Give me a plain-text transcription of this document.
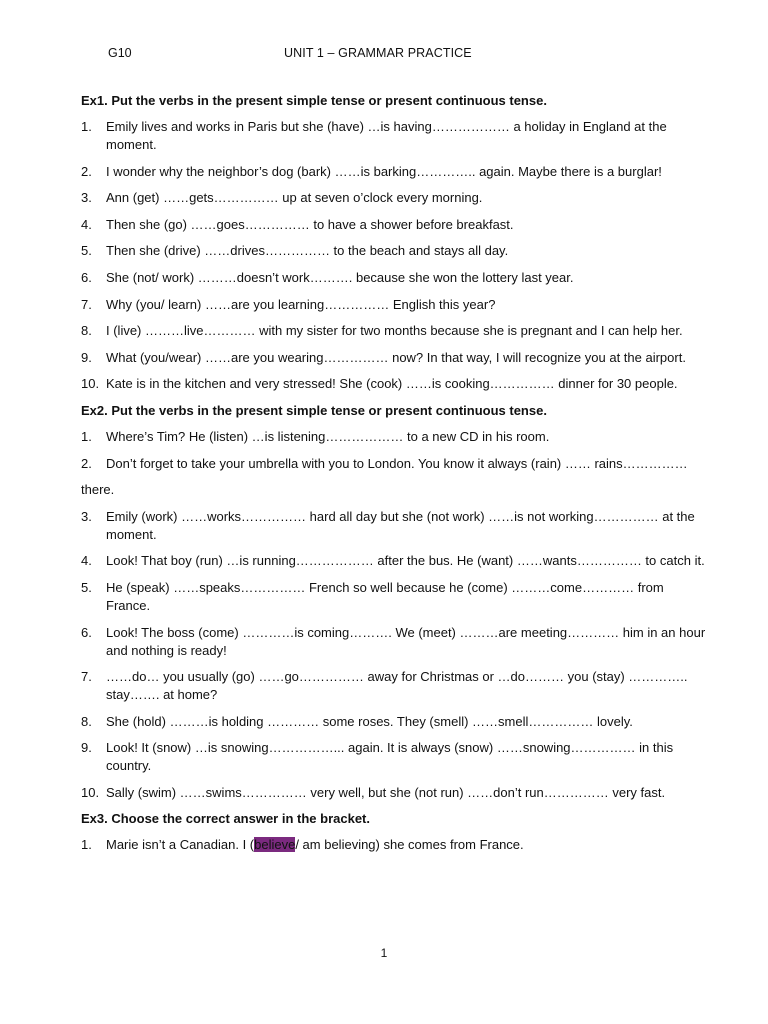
G10	UNIT 1 – GRAMMAR PRACTICE

Ex1. Put the verbs in the present simple tense or present continuous tense.

1. Emily lives and works in Paris but she (have) …is having……………… a holiday in England at the moment.
2. I wonder why the neighbor’s dog (bark) ……is barking………….. again. Maybe there is a burglar!
3. Ann (get) ……gets…………… up at seven o’clock every morning.
4. Then she (go) ……goes…………… to have a shower before breakfast.
5. Then she (drive) ……drives…………… to the beach and stays all day.
6. She (not/ work) ………doesn’t work………. because she won the lottery last year.
7. Why (you/ learn) ……are you learning…………… English this year?
8. I (live) ………live………… with my sister for two months because she is pregnant and I can help her.
9. What (you/wear) ……are you wearing…………… now? In that way, I will recognize you at the airport.
10. Kate is in the kitchen and very stressed! She (cook) ……is cooking…………… dinner for 30 people.

Ex2. Put the verbs in the present simple tense or present continuous tense.

1. Where’s Tim? He (listen) …is listening……………… to a new CD in his room.
2. Don’t forget to take your umbrella with you to London. You know it always (rain) …… rains……………

there.

3. Emily (work) ……works…………… hard all day but she (not work) ……is not working…………… at the moment.
4. Look! That boy (run) …is running……………… after the bus. He (want) ……wants…………… to catch it.
5. He (speak) ……speaks…………… French so well because he (come) ………come………… from France.
6. Look! The boss (come) …………is coming………. We (meet) ………are meeting………… him in an hour and nothing is ready!
7. ……do… you usually (go) ……go…………… away for Christmas or …do……… you (stay) ………….. stay……. at home?
8. She (hold) ………is holding ………… some roses. They (smell) ……smell…………… lovely.
9. Look! It (snow) …is snowing……………... again. It is always (snow) ……snowing…………… in this country.
10. Sally (swim) ……swims…………… very well, but she (not run) ……don’t run…………… very fast.

Ex3. Choose the correct answer in the bracket.

1. Marie isn’t a Canadian. I (believe/ am believing) she comes from France.
1
